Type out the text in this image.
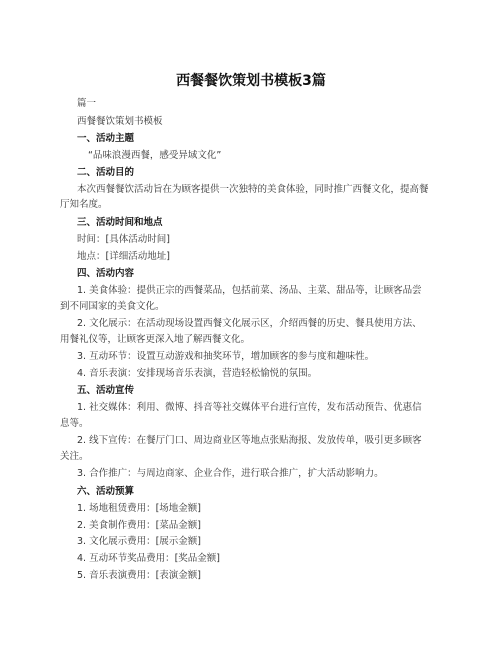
西餐餐饮策划书模板3篇
篇一
西餐餐饮策划书模板
一、活动主题
“品味浪漫西餐，感受异域文化”
二、活动目的
本次西餐餐饮活动旨在为顾客提供一次独特的美食体验，同时推广西餐文化，提高餐
厅知名度。
三、活动时间和地点
时间：[具体活动时间]
地点：[详细活动地址]
四、活动内容
1. 美食体验：提供正宗的西餐菜品，包括前菜、汤品、主菜、甜品等，让顾客品尝
到不同国家的美食文化。
2. 文化展示：在活动现场设置西餐文化展示区，介绍西餐的历史、餐具使用方法、
用餐礼仪等，让顾客更深入地了解西餐文化。
3. 互动环节：设置互动游戏和抽奖环节，增加顾客的参与度和趣味性。
4. 音乐表演：安排现场音乐表演，营造轻松愉悦的氛围。
五、活动宣传
1. 社交媒体：利用、微博、抖音等社交媒体平台进行宣传，发布活动预告、优惠信
息等。
2. 线下宣传：在餐厅门口、周边商业区等地点张贴海报、发放传单，吸引更多顾客
关注。
3. 合作推广：与周边商家、企业合作，进行联合推广，扩大活动影响力。
六、活动预算
1. 场地租赁费用：[场地金额]
2. 美食制作费用：[菜品金额]
3. 文化展示费用：[展示金额]
4. 互动环节奖品费用：[奖品金额]
5. 音乐表演费用：[表演金额]
